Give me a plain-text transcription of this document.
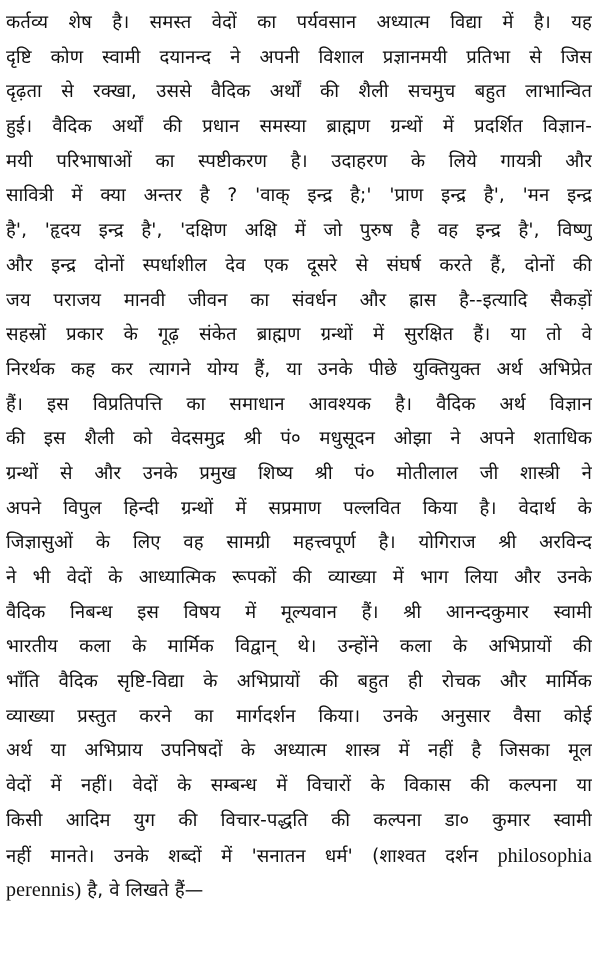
कर्तव्य शेष है। समस्त वेदों का पर्यवसान अध्यात्म विद्या में है। यह
दृष्टि कोण स्वामी दयानन्द ने अपनी विशाल प्रज्ञानमयी प्रतिभा से जिस
दृढ़ता से रक्खा, उससे वैदिक अर्थों की शैली सचमुच बहुत लाभान्वित
हुई। वैदिक अर्थों की प्रधान समस्या ब्राह्मण ग्रन्थों में प्रदर्शित विज्ञान-
मयी परिभाषाओं का स्पष्टीकरण है। उदाहरण के लिये गायत्री और
सावित्री में क्या अन्तर है ? 'वाक् इन्द्र है;' 'प्राण इन्द्र है', 'मन इन्द्र
है', 'हृदय इन्द्र है', 'दक्षिण अक्षि में जो पुरुष है वह इन्द्र है', विष्णु
और इन्द्र दोनों स्पर्धाशील देव एक दूसरे से संघर्ष करते हैं, दोनों की
जय पराजय मानवी जीवन का संवर्धन और ह्रास है--इत्यादि सैकड़ों
सहस्रों प्रकार के गूढ़ संकेत ब्राह्मण ग्रन्थों में सुरक्षित हैं। या तो वे
निरर्थक कह कर त्यागने योग्य हैं, या उनके पीछे युक्तियुक्त अर्थ अभिप्रेत
हैं। इस विप्रतिपत्ति का समाधान आवश्यक है। वैदिक अर्थ विज्ञान
की इस शैली को वेदसमुद्र श्री पं० मधुसूदन ओझा ने अपने शताधिक
ग्रन्थों से और उनके प्रमुख शिष्य श्री पं० मोतीलाल जी शास्त्री ने
अपने विपुल हिन्दी ग्रन्थों में सप्रमाण पल्लवित किया है। वेदार्थ के
जिज्ञासुओं के लिए वह सामग्री महत्त्वपूर्ण है। योगिराज श्री अरविन्द
ने भी वेदों के आध्यात्मिक रूपकों की व्याख्या में भाग लिया और उनके
वैदिक निबन्ध इस विषय में मूल्यवान हैं। श्री आनन्दकुमार स्वामी
भारतीय कला के मार्मिक विद्वान् थे। उन्होंने कला के अभिप्रायों की
भाँति वैदिक सृष्टि-विद्या के अभिप्रायों की बहुत ही रोचक और मार्मिक
व्याख्या प्रस्तुत करने का मार्गदर्शन किया। उनके अनुसार वैसा कोई
अर्थ या अभिप्राय उपनिषदों के अध्यात्म शास्त्र में नहीं है जिसका मूल
वेदों में नहीं। वेदों के सम्बन्ध में विचारों के विकास की कल्पना या
किसी आदिम युग की विचार-पद्धति की कल्पना डा० कुमार स्वामी
नहीं मानते। उनके शब्दों में 'सनातन धर्म' (शाश्वत दर्शन philosophia
perennis) है, वे लिखते हैं—
